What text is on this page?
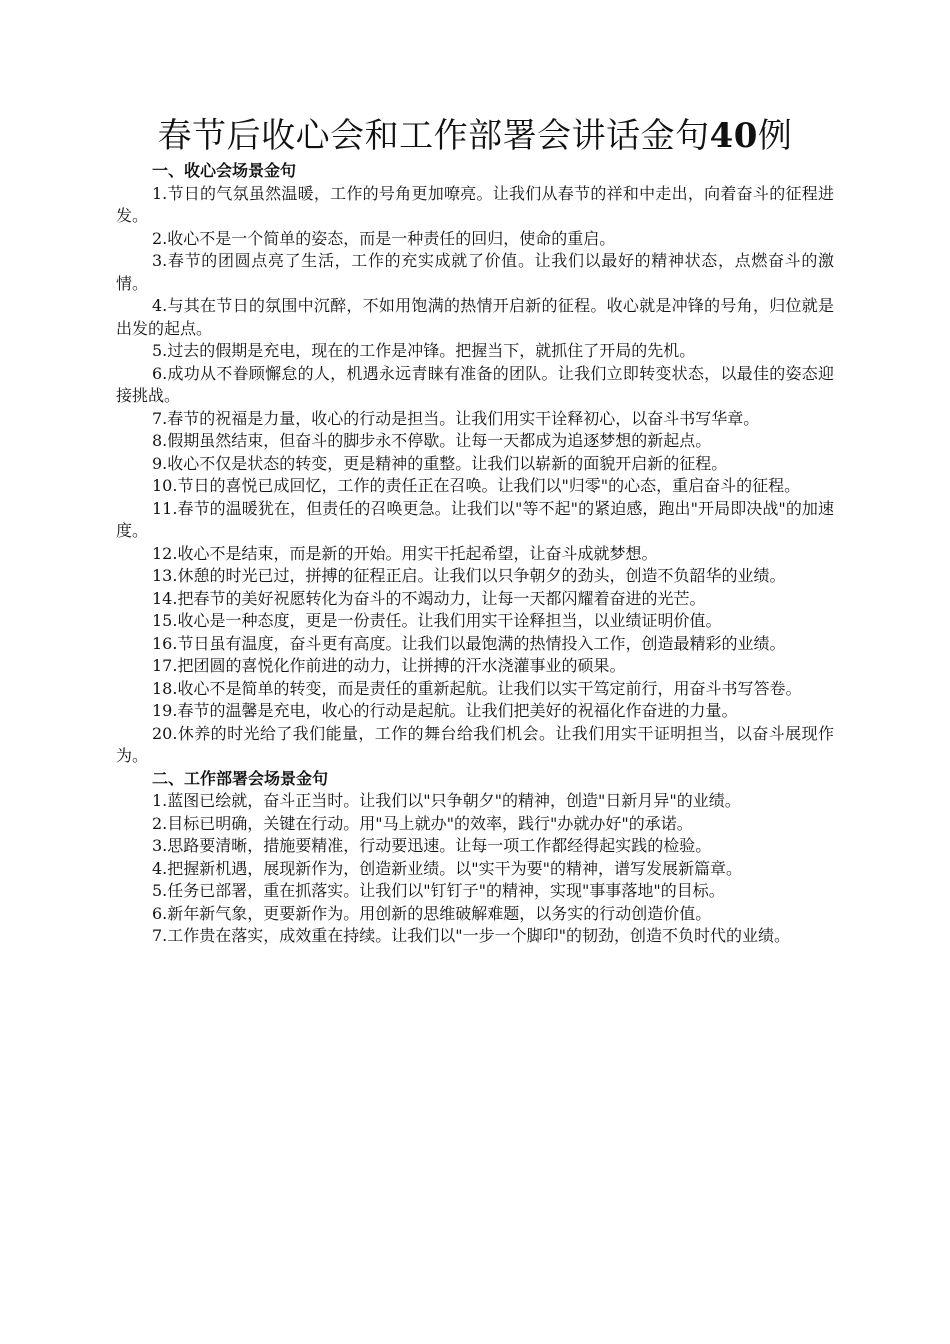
春节后收心会和工作部署会讲话金句40例

一、收心会场景金句

1.节日的气氛虽然温暖，工作的号角更加嘹亮。让我们从春节的祥和中走出，向着奋斗的征程进发。

2.收心不是一个简单的姿态，而是一种责任的回归，使命的重启。

3.春节的团圆点亮了生活，工作的充实成就了价值。让我们以最好的精神状态，点燃奋斗的激情。

4.与其在节日的氛围中沉醉，不如用饱满的热情开启新的征程。收心就是冲锋的号角，归位就是出发的起点。

5.过去的假期是充电，现在的工作是冲锋。把握当下，就抓住了开局的先机。

6.成功从不眷顾懈怠的人，机遇永远青睐有准备的团队。让我们立即转变状态，以最佳的姿态迎接挑战。

7.春节的祝福是力量，收心的行动是担当。让我们用实干诠释初心，以奋斗书写华章。

8.假期虽然结束，但奋斗的脚步永不停歇。让每一天都成为追逐梦想的新起点。

9.收心不仅是状态的转变，更是精神的重整。让我们以崭新的面貌开启新的征程。

10.节日的喜悦已成回忆，工作的责任正在召唤。让我们以"归零"的心态，重启奋斗的征程。

11.春节的温暖犹在，但责任的召唤更急。让我们以"等不起"的紧迫感，跑出"开局即决战"的加速度。

12.收心不是结束，而是新的开始。用实干托起希望，让奋斗成就梦想。

13.休憩的时光已过，拼搏的征程正启。让我们以只争朝夕的劲头，创造不负韶华的业绩。

14.把春节的美好祝愿转化为奋斗的不竭动力，让每一天都闪耀着奋进的光芒。

15.收心是一种态度，更是一份责任。让我们用实干诠释担当，以业绩证明价值。

16.节日虽有温度，奋斗更有高度。让我们以最饱满的热情投入工作，创造最精彩的业绩。

17.把团圆的喜悦化作前进的动力，让拼搏的汗水浇灌事业的硕果。

18.收心不是简单的转变，而是责任的重新起航。让我们以实干笃定前行，用奋斗书写答卷。

19.春节的温馨是充电，收心的行动是起航。让我们把美好的祝福化作奋进的力量。

20.休养的时光给了我们能量，工作的舞台给我们机会。让我们用实干证明担当，以奋斗展现作为。

二、工作部署会场景金句

1.蓝图已绘就，奋斗正当时。让我们以"只争朝夕"的精神，创造"日新月异"的业绩。

2.目标已明确，关键在行动。用"马上就办"的效率，践行"办就办好"的承诺。

3.思路要清晰，措施要精准，行动要迅速。让每一项工作都经得起实践的检验。

4.把握新机遇，展现新作为，创造新业绩。以"实干为要"的精神，谱写发展新篇章。

5.任务已部署，重在抓落实。让我们以"钉钉子"的精神，实现"事事落地"的目标。

6.新年新气象，更要新作为。用创新的思维破解难题，以务实的行动创造价值。

7.工作贵在落实，成效重在持续。让我们以"一步一个脚印"的韧劲，创造不负时代的业绩。
